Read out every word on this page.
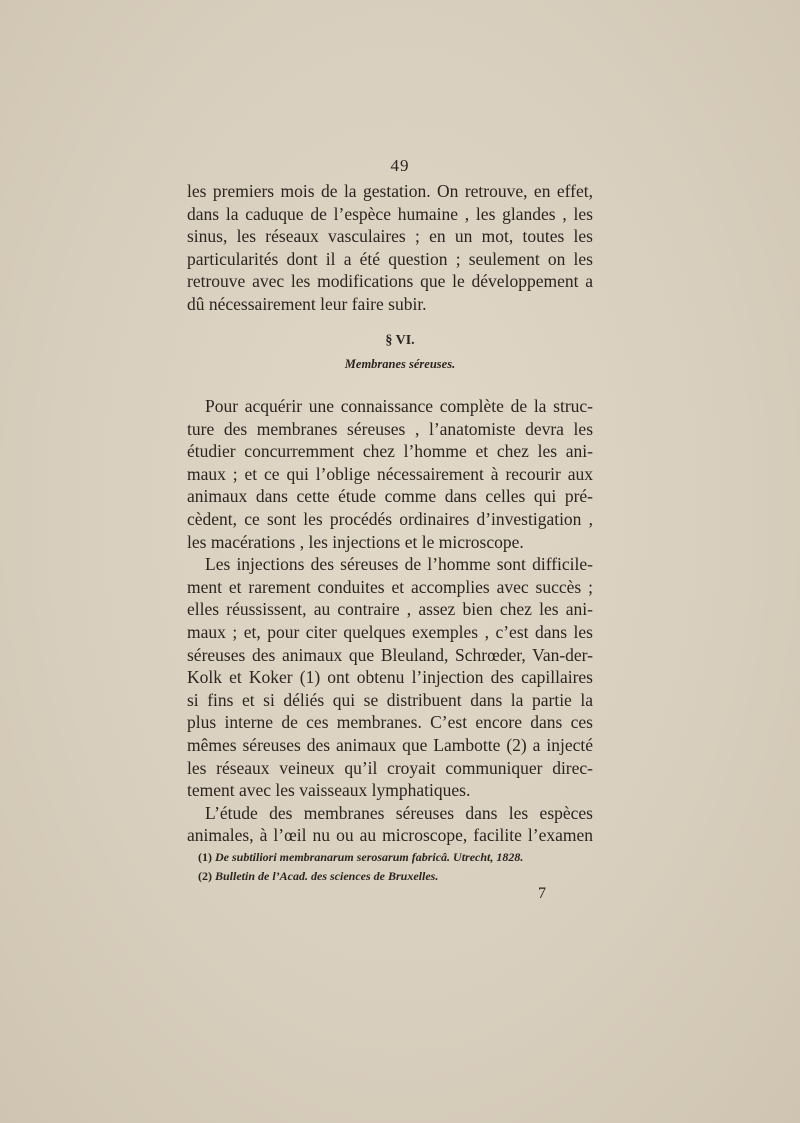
49
les premiers mois de la gestation. On retrouve, en effet,
dans la caduque de l’espèce humaine , les glandes , les
sinus, les réseaux vasculaires ; en un mot, toutes les
particularités dont il a été question ; seulement on les
retrouve avec les modifications que le développement a
dû nécessairement leur faire subir.
§ VI.
Membranes séreuses.
Pour acquérir une connaissance complète de la struc-
ture des membranes séreuses , l’anatomiste devra les
étudier concurremment chez l’homme et chez les ani-
maux ; et ce qui l’oblige nécessairement à recourir aux
animaux dans cette étude comme dans celles qui pré-
cèdent, ce sont les procédés ordinaires d’investigation ,
les macérations , les injections et le microscope.
Les injections des séreuses de l’homme sont difficile-
ment et rarement conduites et accomplies avec succès ;
elles réussissent, au contraire , assez bien chez les ani-
maux ; et, pour citer quelques exemples , c’est dans les
séreuses des animaux que Bleuland, Schrœder, Van-der-
Kolk et Koker (1) ont obtenu l’injection des capillaires
si fins et si déliés qui se distribuent dans la partie la
plus interne de ces membranes. C’est encore dans ces
mêmes séreuses des animaux que Lambotte (2) a injecté
les réseaux veineux qu’il croyait communiquer direc-
tement avec les vaisseaux lymphatiques.
L’étude des membranes séreuses dans les espèces
animales, à l’œil nu ou au microscope, facilite l’examen
(1) De subtiliori membranarum serosarum fabricâ. Utrecht, 1828.
(2) Bulletin de l’Acad. des sciences de Bruxelles.
7
